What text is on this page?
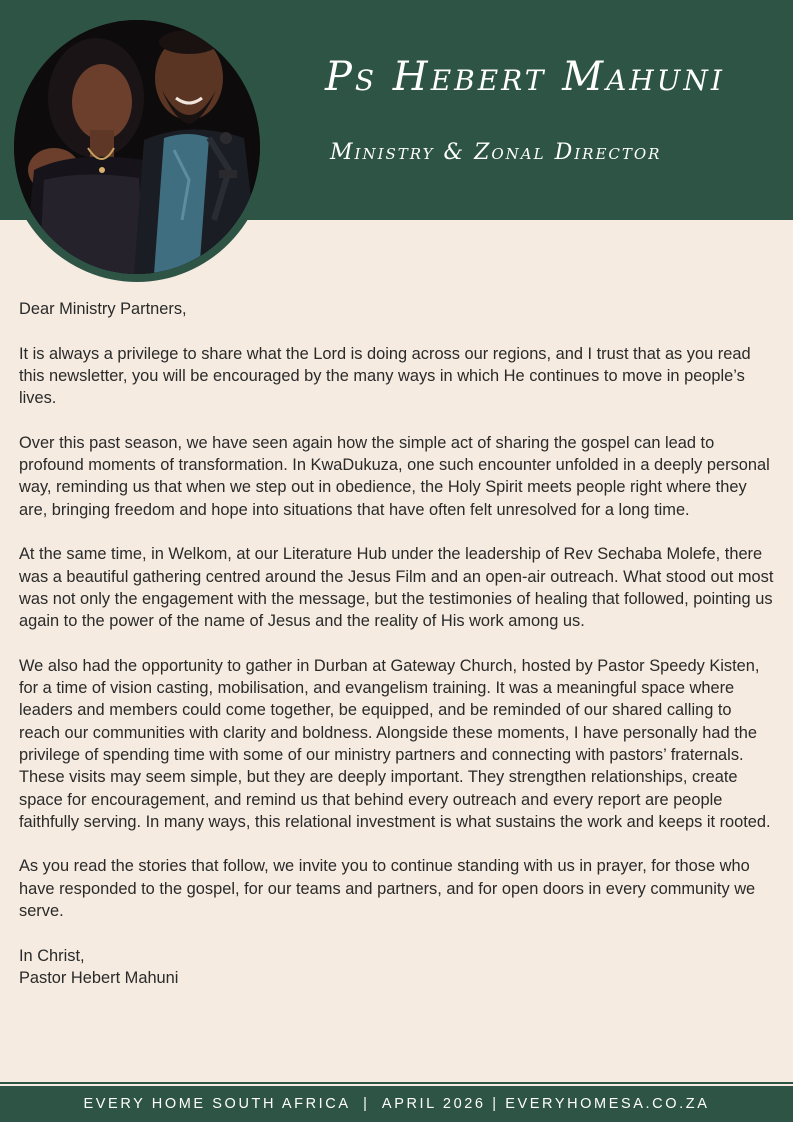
Ps Hebert Mahuni
Ministry & Zonal Director

Dear Ministry Partners,

It is always a privilege to share what the Lord is doing across our regions, and I trust that as you read this newsletter, you will be encouraged by the many ways in which He continues to move in people’s lives.

Over this past season, we have seen again how the simple act of sharing the gospel can lead to profound moments of transformation. In KwaDukuza, one such encounter unfolded in a deeply personal way, reminding us that when we step out in obedience, the Holy Spirit meets people right where they are, bringing freedom and hope into situations that have often felt unresolved for a long time.

At the same time, in Welkom, at our Literature Hub under the leadership of Rev Sechaba Molefe, there was a beautiful gathering centred around the Jesus Film and an open-air outreach. What stood out most was not only the engagement with the message, but the testimonies of healing that followed, pointing us again to the power of the name of Jesus and the reality of His work among us.

We also had the opportunity to gather in Durban at Gateway Church, hosted by Pastor Speedy Kisten, for a time of vision casting, mobilisation, and evangelism training. It was a meaningful space where leaders and members could come together, be equipped, and be reminded of our shared calling to reach our communities with clarity and boldness. Alongside these moments, I have personally had the privilege of spending time with some of our ministry partners and connecting with pastors’ fraternals. These visits may seem simple, but they are deeply important. They strengthen relationships, create space for encouragement, and remind us that behind every outreach and every report are people faithfully serving. In many ways, this relational investment is what sustains the work and keeps it rooted.

As you read the stories that follow, we invite you to continue standing with us in prayer, for those who have responded to the gospel, for our teams and partners, and for open doors in every community we serve.

In Christ,
Pastor Hebert Mahuni
EVERY HOME SOUTH AFRICA  |  APRIL 2026 | EVERYHOMESA.CO.ZA
